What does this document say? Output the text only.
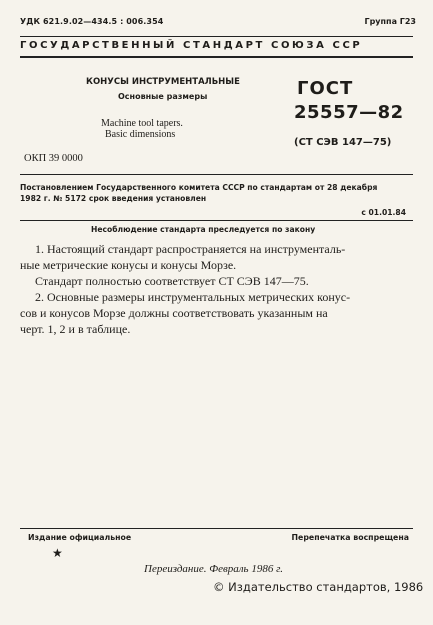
УДК 621.9.02—434.5 : 006.354	Группа Г23
ГОСУДАРСТВЕННЫЙ СТАНДАРТ СОЮЗА ССР
КОНУСЫ ИНСТРУМЕНТАЛЬНЫЕ
Основные размеры
Machine tool tapers.
Basic dimensions
ГОСТ
25557—82
(СТ СЭВ 147—75)
ОКП 39 0000
Постановлением Государственного комитета СССР по стандартам от 28 декабря
1982 г. № 5172 срок введения установлен
с 01.01.84
Несоблюдение стандарта преследуется по закону
1. Настоящий стандарт распространяется на инструменталь-
ные метрические конусы и конусы Морзе.
Стандарт полностью соответствует СТ СЭВ 147—75.
2. Основные размеры инструментальных метрических конус-
сов и конусов Морзе должны соответствовать указанным на
черт. 1, 2 и в таблице.
Издание официальное	Перепечатка воспрещена
★
Переиздание. Февраль 1986 г.
© Издательство стандартов, 1986
